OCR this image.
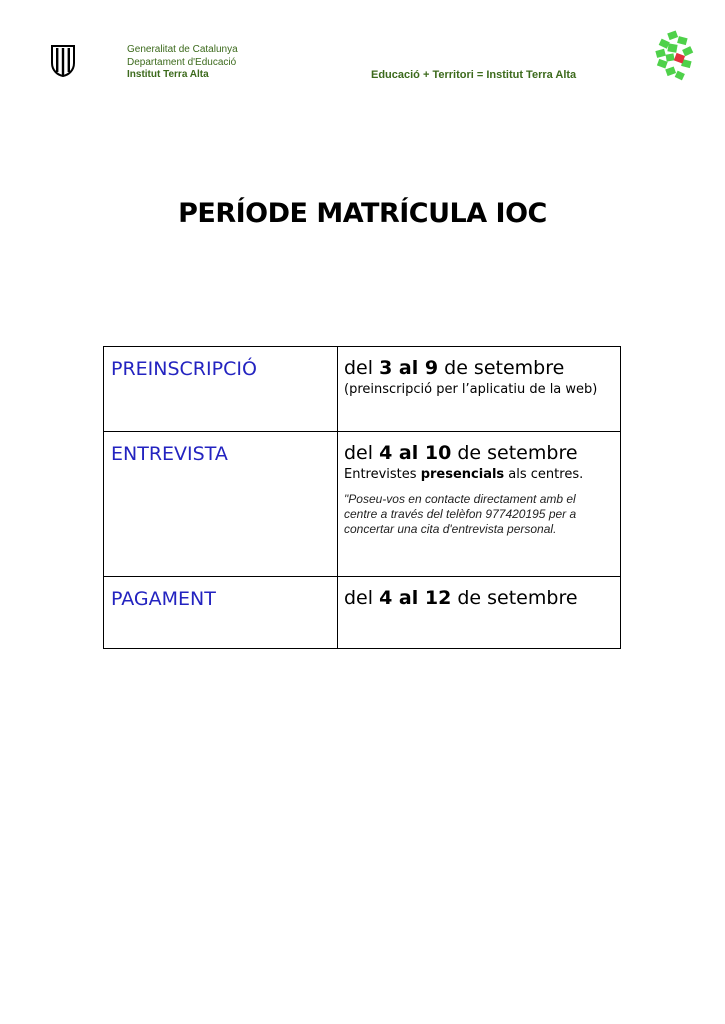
Generalitat de Catalunya
Departament d'Educació
Institut Terra Alta	Educació + Territori = Institut Terra Alta
PERÍODE MATRÍCULA IOC
PREINSCRIPCIÓ	del 3 al 9 de setembre
(preinscripció per l’aplicatiu de la web)

ENTREVISTA	del 4 al 10 de setembre
Entrevistes presencials als centres.
"Poseu-vos en contacte directament amb el centre a través del telèfon 977420195 per a concertar una cita d'entrevista personal.

PAGAMENT	del 4 al 12 de setembre
